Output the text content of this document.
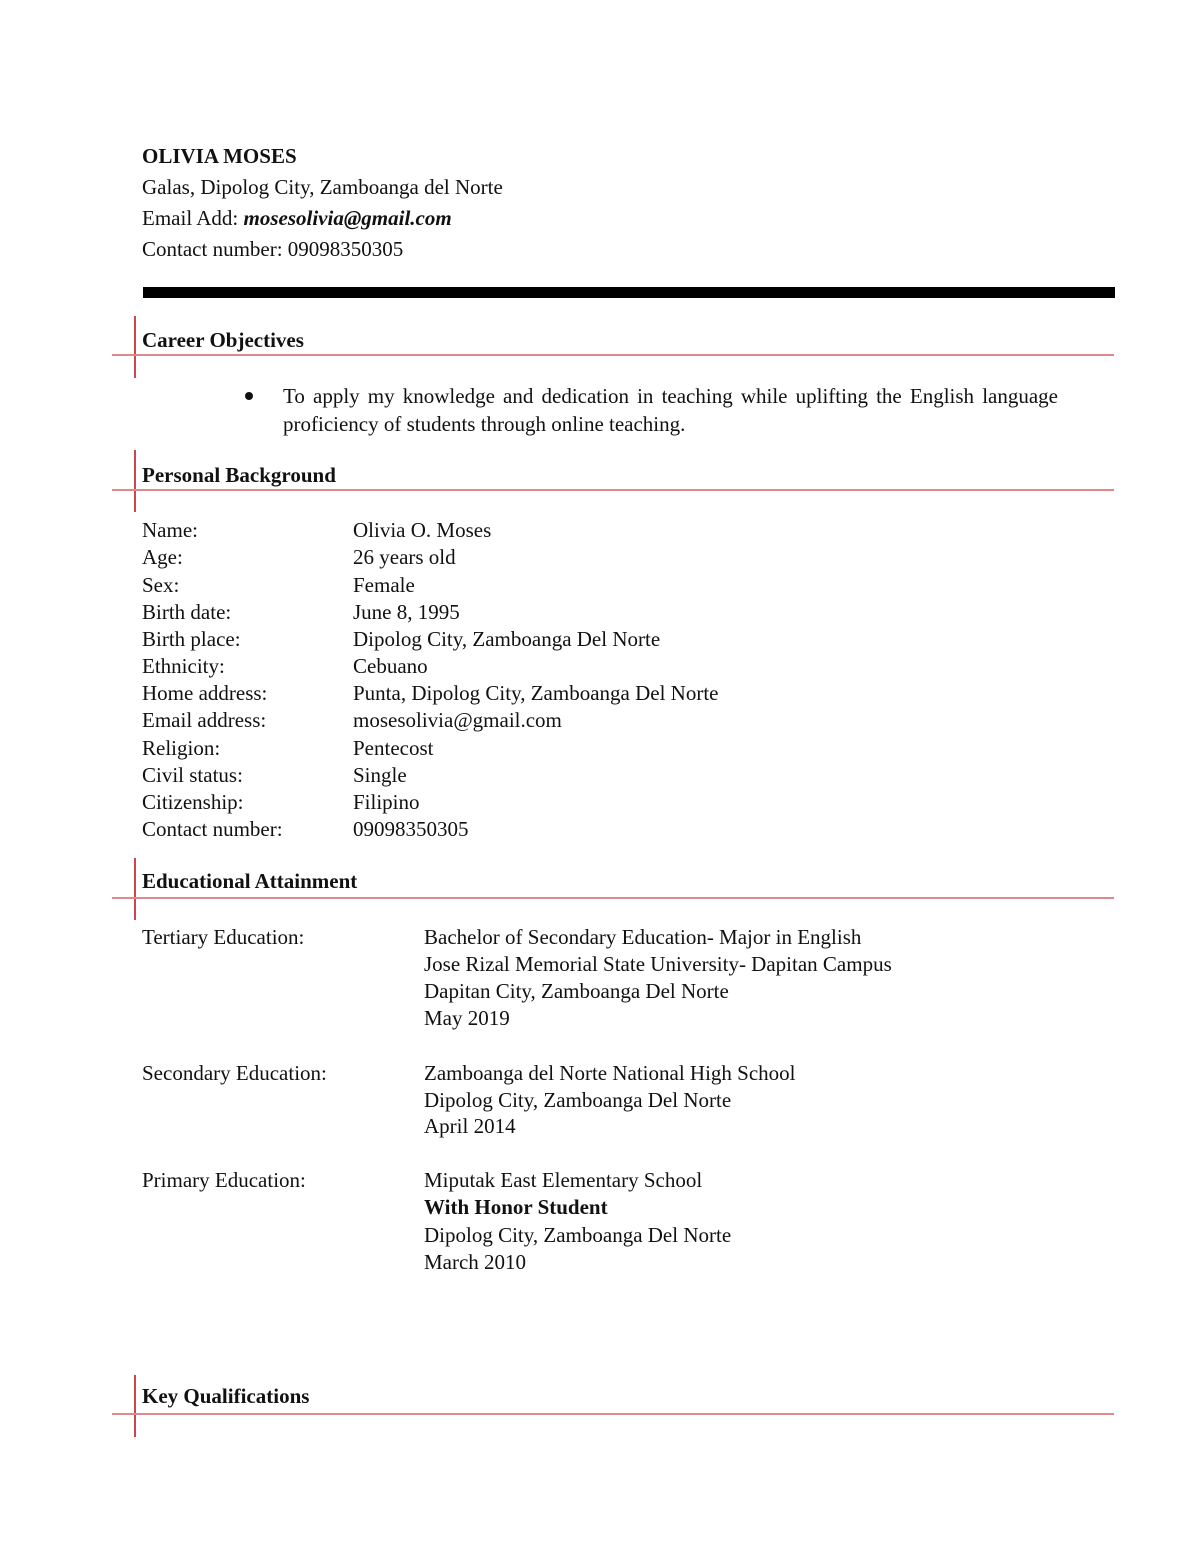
OLIVIA MOSES
Galas, Dipolog City, Zamboanga del Norte
Email Add: mosesolivia@gmail.com
Contact number: 09098350305
Career Objectives
To apply my knowledge and dedication in teaching while uplifting the English language proficiency of students through online teaching.
Personal Background
Name:	Olivia O. Moses
Age:	26 years old
Sex:	Female
Birth date:	June 8, 1995
Birth place:	Dipolog City, Zamboanga Del Norte
Ethnicity:	Cebuano
Home address:	Punta, Dipolog City, Zamboanga Del Norte
Email address:	mosesolivia@gmail.com
Religion:	Pentecost
Civil status:	Single
Citizenship:	Filipino
Contact number:	09098350305
Educational Attainment
Tertiary Education:	Bachelor of Secondary Education- Major in English
Jose Rizal Memorial State University- Dapitan Campus
Dapitan City, Zamboanga Del Norte
May 2019
Secondary Education:	Zamboanga del Norte National High School
Dipolog City, Zamboanga Del Norte
April 2014
Primary Education:	Miputak East Elementary School
With Honor Student
Dipolog City, Zamboanga Del Norte
March 2010
Key Qualifications
